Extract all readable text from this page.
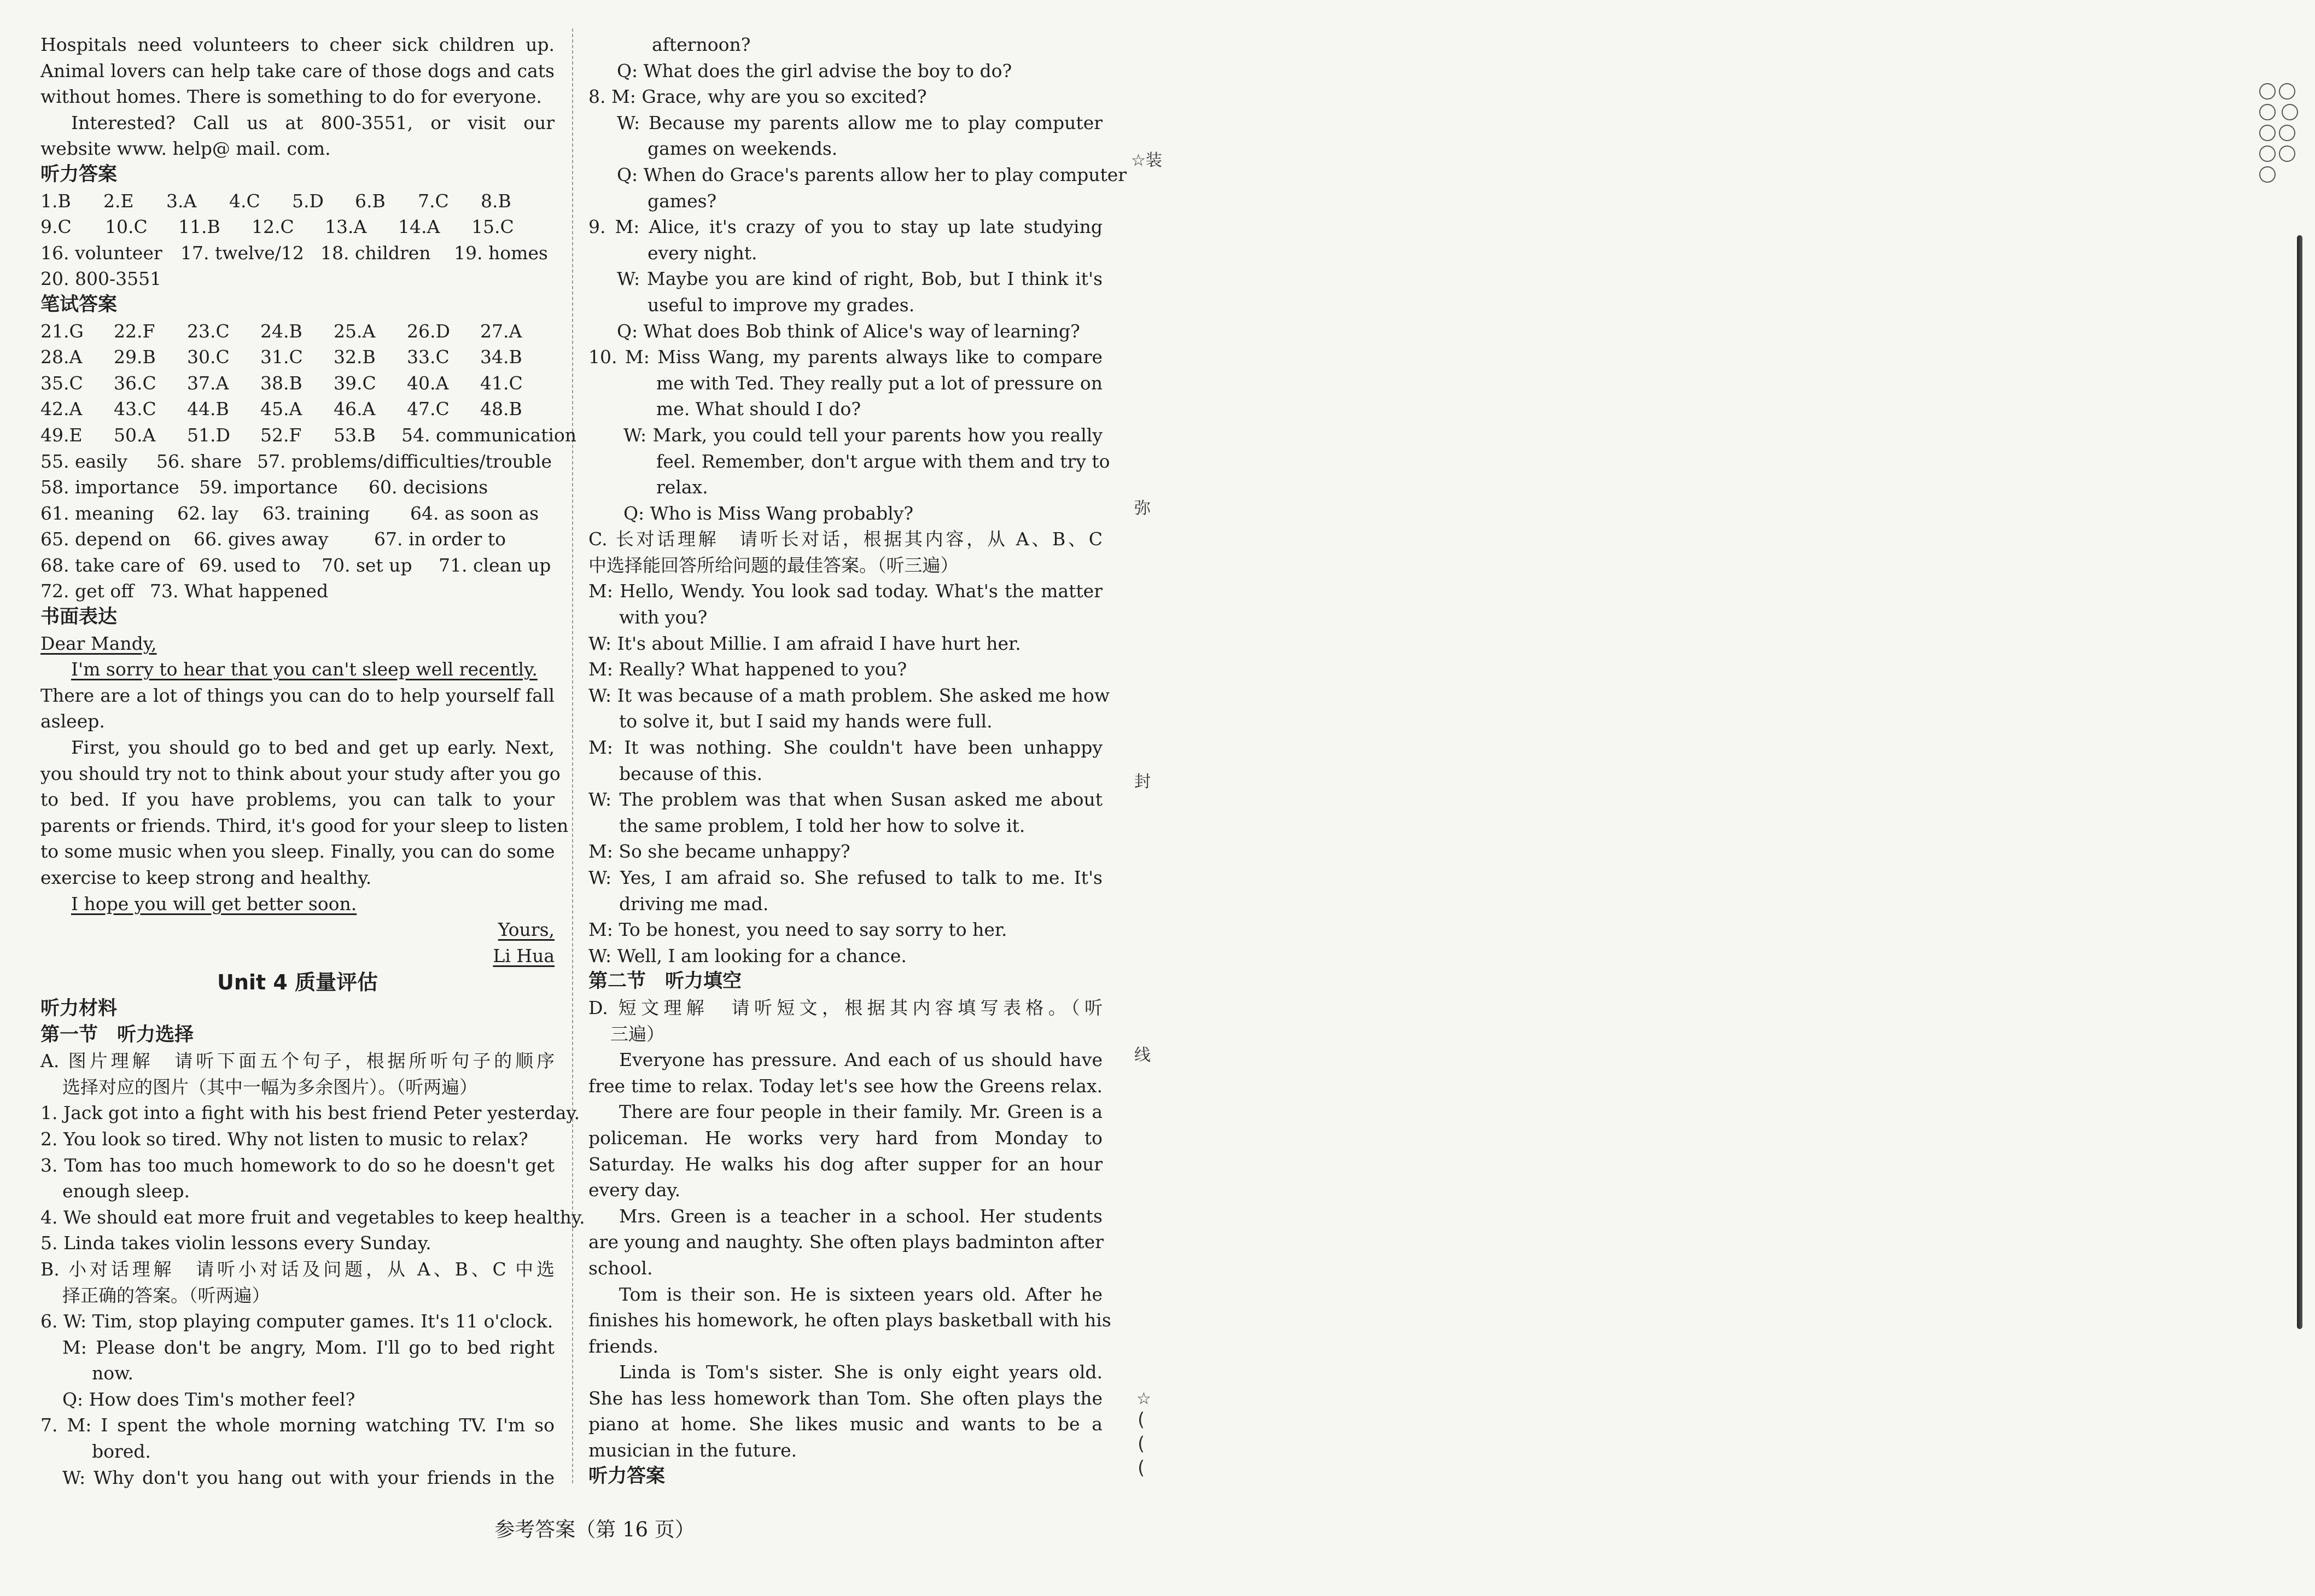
Hospitals need volunteers to cheer sick children up.
Animal lovers can help take care of those dogs and cats
without homes. There is something to do for everyone.
Interested? Call us at 800-3551, or visit our
website www. help@ mail. com.
听力答案
1.B	2.E	3.A	4.C	5.D	6.B	7.C	8.B
9.C	10.C	11.B	12.C	13.A	14.A	15.C
16. volunteer	17. twelve/12 18. children	19. homes
20. 800-3551
笔试答案
21.G	22.F	23.C	24.B	25.A	26.D	27.A
28.A	29.B	30.C	31.C	32.B	33.C	34.B
35.C	36.C	37.A	38.B	39.C	40.A	41.C
42.A	43.C	44.B	45.A	46.A	47.C	48.B
49.E	50.A	51.D	52.F	53.B	54. communication
55. easily	56. share 57. problems/difficulties/trouble
58. importance	59. importance	60. decisions
61. meaning	62. lay	63. training	64. as soon as
65. depend on	66. gives away	67. in order to
68. take care of 69. used to	70. set up	71. clean up
72. get off 73. What happened
书面表达
Dear Mandy,
I'm sorry to hear that you can't sleep well recently.
There are a lot of things you can do to help yourself fall
asleep.
First, you should go to bed and get up early. Next,
you should try not to think about your study after you go
to bed. If you have problems, you can talk to your
parents or friends. Third, it's good for your sleep to listen
to some music when you sleep. Finally, you can do some
exercise to keep strong and healthy.
I hope you will get better soon.
Yours,
Li Hua
Unit 4 质量评估
听力材料
第一节　听力选择
A. 图片理解　请听下面五个句子，根据所听句子的顺序
选择对应的图片（其中一幅为多余图片）。（听两遍）
1. Jack got into a fight with his best friend Peter yesterday.
2. You look so tired. Why not listen to music to relax?
3. Tom has too much homework to do so he doesn't get
enough sleep.
4. We should eat more fruit and vegetables to keep healthy.
5. Linda takes violin lessons every Sunday.
B. 小对话理解　请听小对话及问题，从 A、B、C 中选
择正确的答案。（听两遍）
6. W: Tim, stop playing computer games. It's 11 o'clock.
M: Please don't be angry, Mom. I'll go to bed right
now.
Q: How does Tim's mother feel?
7. M: I spent the whole morning watching TV. I'm so
bored.
W: Why don't you hang out with your friends in the
afternoon?
Q: What does the girl advise the boy to do?
8. M: Grace, why are you so excited?
W: Because my parents allow me to play computer
games on weekends.
Q: When do Grace's parents allow her to play computer
games?
9. M: Alice, it's crazy of you to stay up late studying
every night.
W: Maybe you are kind of right, Bob, but I think it's
useful to improve my grades.
Q: What does Bob think of Alice's way of learning?
10. M: Miss Wang, my parents always like to compare
me with Ted. They really put a lot of pressure on
me. What should I do?
W: Mark, you could tell your parents how you really
feel. Remember, don't argue with them and try to
relax.
Q: Who is Miss Wang probably?
C. 长对话理解　请听长对话，根据其内容，从 A、B、C
中选择能回答所给问题的最佳答案。（听三遍）
M: Hello, Wendy. You look sad today. What's the matter
with you?
W: It's about Millie. I am afraid I have hurt her.
M: Really? What happened to you?
W: It was because of a math problem. She asked me how
to solve it, but I said my hands were full.
M: It was nothing. She couldn't have been unhappy
because of this.
W: The problem was that when Susan asked me about
the same problem, I told her how to solve it.
M: So she became unhappy?
W: Yes, I am afraid so. She refused to talk to me. It's
driving me mad.
M: To be honest, you need to say sorry to her.
W: Well, I am looking for a chance.
第二节　听力填空
D. 短文理解　请听短文，根据其内容填写表格。（听
三遍）
Everyone has pressure. And each of us should have
free time to relax. Today let's see how the Greens relax.
There are four people in their family. Mr. Green is a
policeman. He works very hard from Monday to
Saturday. He walks his dog after supper for an hour
every day.
Mrs. Green is a teacher in a school. Her students
are young and naughty. She often plays badminton after
school.
Tom is their son. He is sixteen years old. After he
finishes his homework, he often plays basketball with his
friends.
Linda is Tom's sister. She is only eight years old.
She has less homework than Tom. She often plays the
piano at home. She likes music and wants to be a
musician in the future.
听力答案
参考答案（第 16 页）

☆装
弥
封
线
☆
(
(
(
